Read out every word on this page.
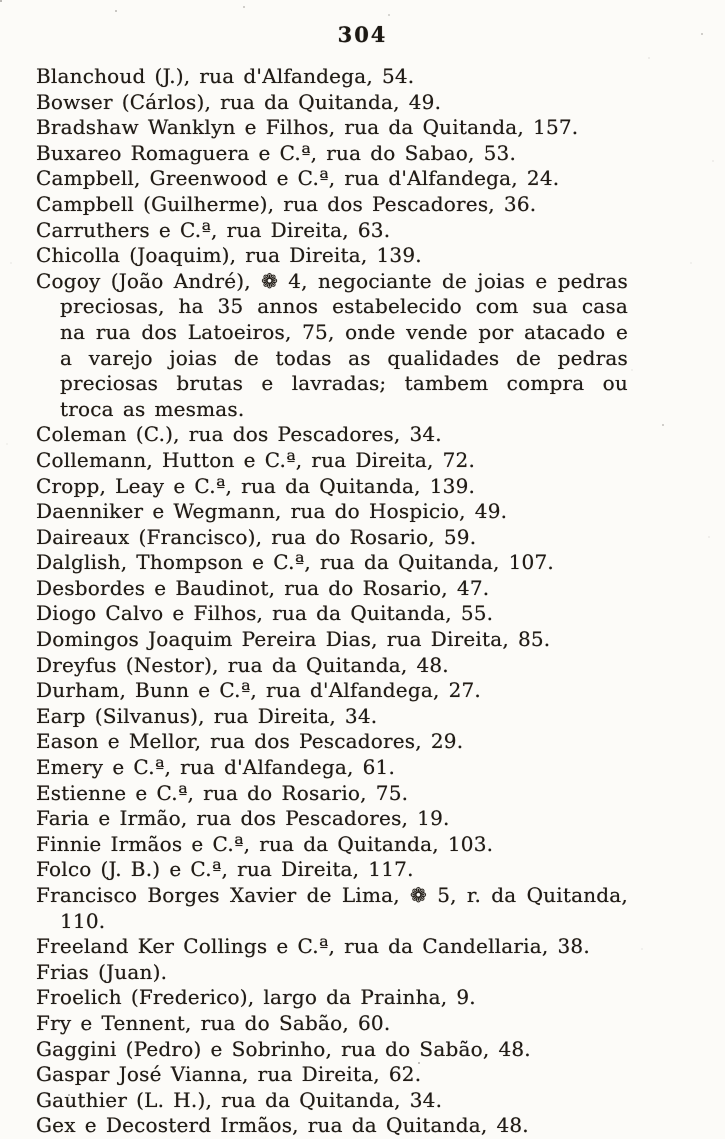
304

Blanchoud (J.), rua d'Alfandega, 54.

Bowser (Cárlos), rua da Quitanda, 49.

Bradshaw Wanklyn e Filhos, rua da Quitanda, 157.

Buxareo Romaguera e C.ª, rua do Sabao, 53.

Campbell, Greenwood e C.ª, rua d'Alfandega, 24.

Campbell (Guilherme), rua dos Pescadores, 36.

Carruthers e C.ª, rua Direita, 63.

Chicolla (Joaquim), rua Direita, 139.

Cogoy (João André), ❁ 4, negociante de joias e pedras preciosas, ha 35 annos estabelecido com sua casa na rua dos Latoeiros, 75, onde vende por atacado e a varejo joias de todas as qualidades de pedras preciosas brutas e lavradas; tambem compra ou troca as mesmas.

Coleman (C.), rua dos Pescadores, 34.

Collemann, Hutton e C.ª, rua Direita, 72.

Cropp, Leay e C.ª, rua da Quitanda, 139.

Daenniker e Wegmann, rua do Hospicio, 49.

Daireaux (Francisco), rua do Rosario, 59.

Dalglish, Thompson e C.ª, rua da Quitanda, 107.

Desbordes e Baudinot, rua do Rosario, 47.

Diogo Calvo e Filhos, rua da Quitanda, 55.

Domingos Joaquim Pereira Dias, rua Direita, 85.

Dreyfus (Nestor), rua da Quitanda, 48.

Durham, Bunn e C.ª, rua d'Alfandega, 27.

Earp (Silvanus), rua Direita, 34.

Eason e Mellor, rua dos Pescadores, 29.

Emery e C.ª, rua d'Alfandega, 61.

Estienne e C.ª, rua do Rosario, 75.

Faria e Irmão, rua dos Pescadores, 19.

Finnie Irmãos e C.ª, rua da Quitanda, 103.

Folco (J. B.) e C.ª, rua Direita, 117.

Francisco Borges Xavier de Lima, ❁ 5, r. da Quitanda, 110.

Freeland Ker Collings e C.ª, rua da Candellaria, 38.

Frias (Juan).

Froelich (Frederico), largo da Prainha, 9.

Fry e Tennent, rua do Sabão, 60.

Gaggini (Pedro) e Sobrinho, rua do Sabão, 48.

Gaspar José Vianna, rua Direita, 62.

Gauthier (L. H.), rua da Quitanda, 34.

Gex e Decosterd Irmãos, rua da Quitanda, 48.
